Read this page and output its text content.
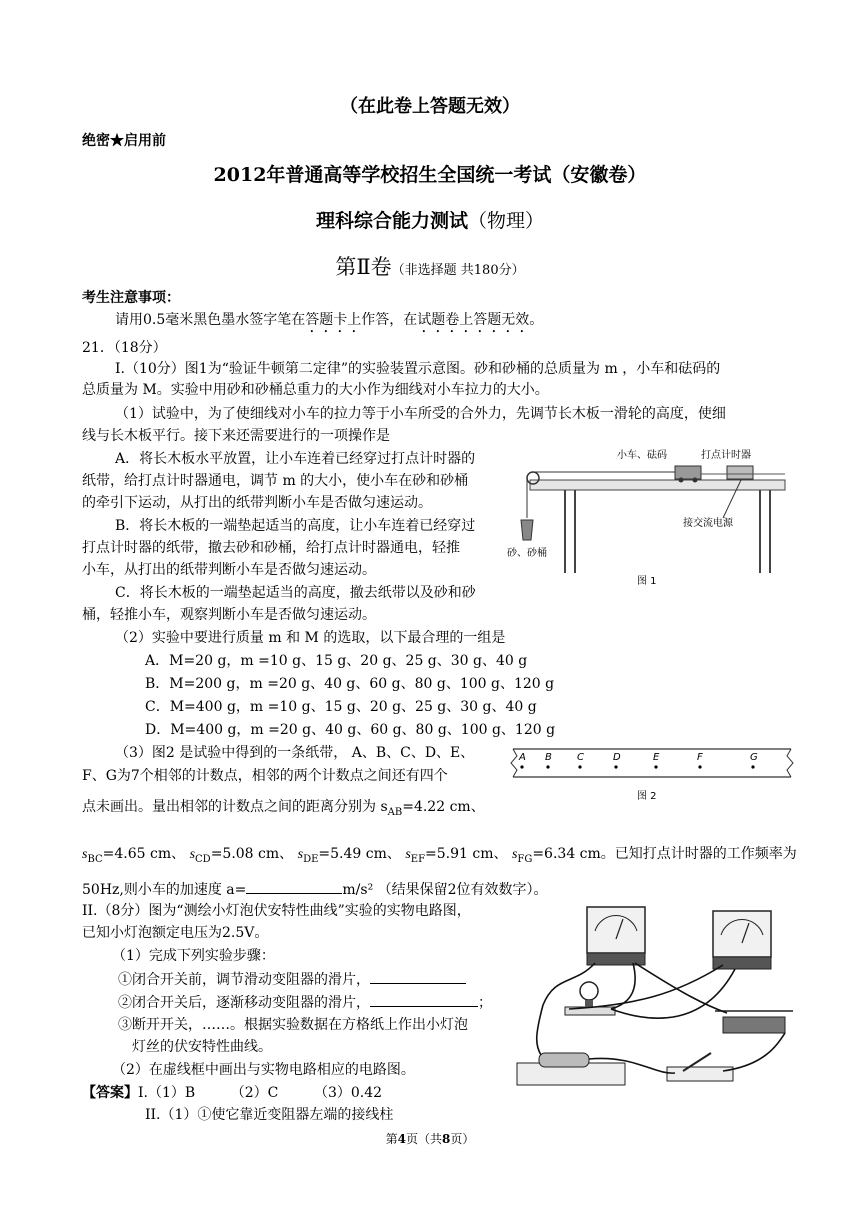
（在此卷上答题无效）
绝密★启用前
2012年普通高等学校招生全国统一考试（安徽卷）
理科综合能力测试（物理）
第Ⅱ卷（非选择题 共180分）
考生注意事项：
请用0.5毫米黑色墨水签字笔在答题卡上作答，在试题卷上答题无效。
21．（18分）
I.（10分）图1为“验证牛顿第二定律”的实验装置示意图。砂和砂桶的总质量为 m ，小车和砝码的
总质量为 M。实验中用砂和砂桶总重力的大小作为细线对小车拉力的大小。
（1）试验中，为了使细线对小车的拉力等于小车所受的合外力，先调节长木板一滑轮的高度，使细
线与长木板平行。接下来还需要进行的一项操作是
A．将长木板水平放置，让小车连着已经穿过打点计时器的
纸带，给打点计时器通电，调节 m 的大小，使小车在砂和砂桶
的牵引下运动，从打出的纸带判断小车是否做匀速运动。
B．将长木板的一端垫起适当的高度，让小车连着已经穿过
打点计时器的纸带，撤去砂和砂桶，给打点计时器通电，轻推
小车，从打出的纸带判断小车是否做匀速运动。
C．将长木板的一端垫起适当的高度，撤去纸带以及砂和砂
桶，轻推小车，观察判断小车是否做匀速运动。
（2）实验中要进行质量 m 和 M 的选取，以下最合理的一组是
A．M=20 g，m =10 g、15 g、20 g、25 g、30 g、40 g
B．M=200 g，m =20 g、40 g、60 g、80 g、100 g、120 g
C．M=400 g，m =10 g、15 g、20 g、25 g、30 g、40 g
D．M=400 g，m =20 g、40 g、60 g、80 g、100 g、120 g
（3）图2 是试验中得到的一条纸带， A、B、C、D、E、
F、G为7个相邻的计数点，相邻的两个计数点之间还有四个
点未画出。量出相邻的计数点之间的距离分别为 $s_{AB}=4.22$ cm、
$s_{BC}=4.65$ cm、 $s_{CD}=5.08$ cm、 $s_{DE}=5.49$ cm、 $s_{EF}=5.91$ cm、 $s_{FG}=6.34$ cm。已知打点计时器的工作频率为
50Hz,则小车的加速度 a=	m/s² （结果保留2位有效数字）。
II.（8分）图为“测绘小灯泡伏安特性曲线”实验的实物电路图，
已知小灯泡额定电压为2.5V。
（1）完成下列实验步骤：
①闭合开关前，调节滑动变阻器的滑片，
②闭合开关后，逐渐移动变阻器的滑片，	；
③断开开关，……。根据实验数据在方格纸上作出小灯泡
灯丝的伏安特性曲线。
（2）在虚线框中画出与实物电路相应的电路图。
【答案】I.（1）B        （2）C        （3）0.42
II.（1）①使它靠近变阻器左端的接线柱
第4页（共8页）
小车、砝码	打点计时器
接交流电源
砂、砂桶
图 1
A B	C	D	E	F	G
图 2
